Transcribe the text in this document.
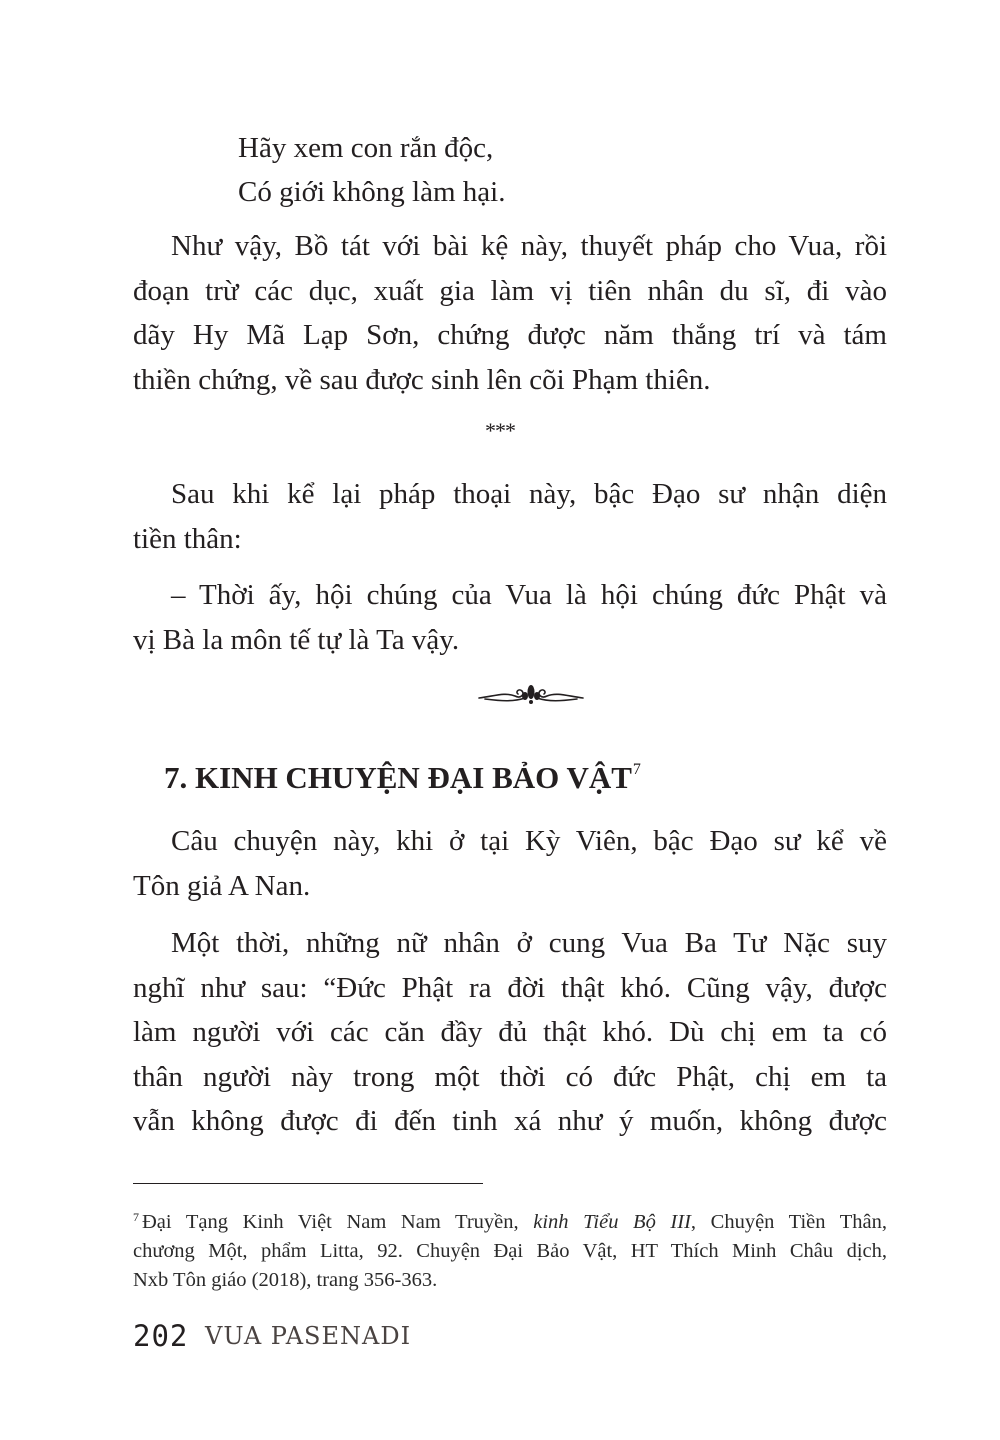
Hãy xem con rắn độc,
Có giới không làm hại.
Như vậy, Bồ tát với bài kệ này, thuyết pháp cho Vua, rồi
đoạn trừ các dục, xuất gia làm vị tiên nhân du sĩ, đi vào
dãy Hy Mã Lạp Sơn, chứng được năm thắng trí và tám
thiền chứng, về sau được sinh lên cõi Phạm thiên.
***
Sau khi kể lại pháp thoại này, bậc Đạo sư nhận diện
tiền thân:
– Thời ấy, hội chúng của Vua là hội chúng đức Phật và
vị Bà la môn tế tự là Ta vậy.
7. KINH CHUYỆN ĐẠI BẢO VẬT$^7$
Câu chuyện này, khi ở tại Kỳ Viên, bậc Đạo sư kể về
Tôn giả A Nan.
Một thời, những nữ nhân ở cung Vua Ba Tư Nặc suy
nghĩ như sau: “Đức Phật ra đời thật khó. Cũng vậy, được
làm người với các căn đầy đủ thật khó. Dù chị em ta có
thân người này trong một thời có đức Phật, chị em ta
vẫn không được đi đến tinh xá như ý muốn, không được
$^7$ Đại Tạng Kinh Việt Nam Nam Truyền, kinh Tiểu Bộ III, Chuyện Tiền Thân,
chương Một, phẩm Litta, 92. Chuyện Đại Bảo Vật, HT Thích Minh Châu dịch,
Nxb Tôn giáo (2018), trang 356-363.
202 VUA PASENADI
